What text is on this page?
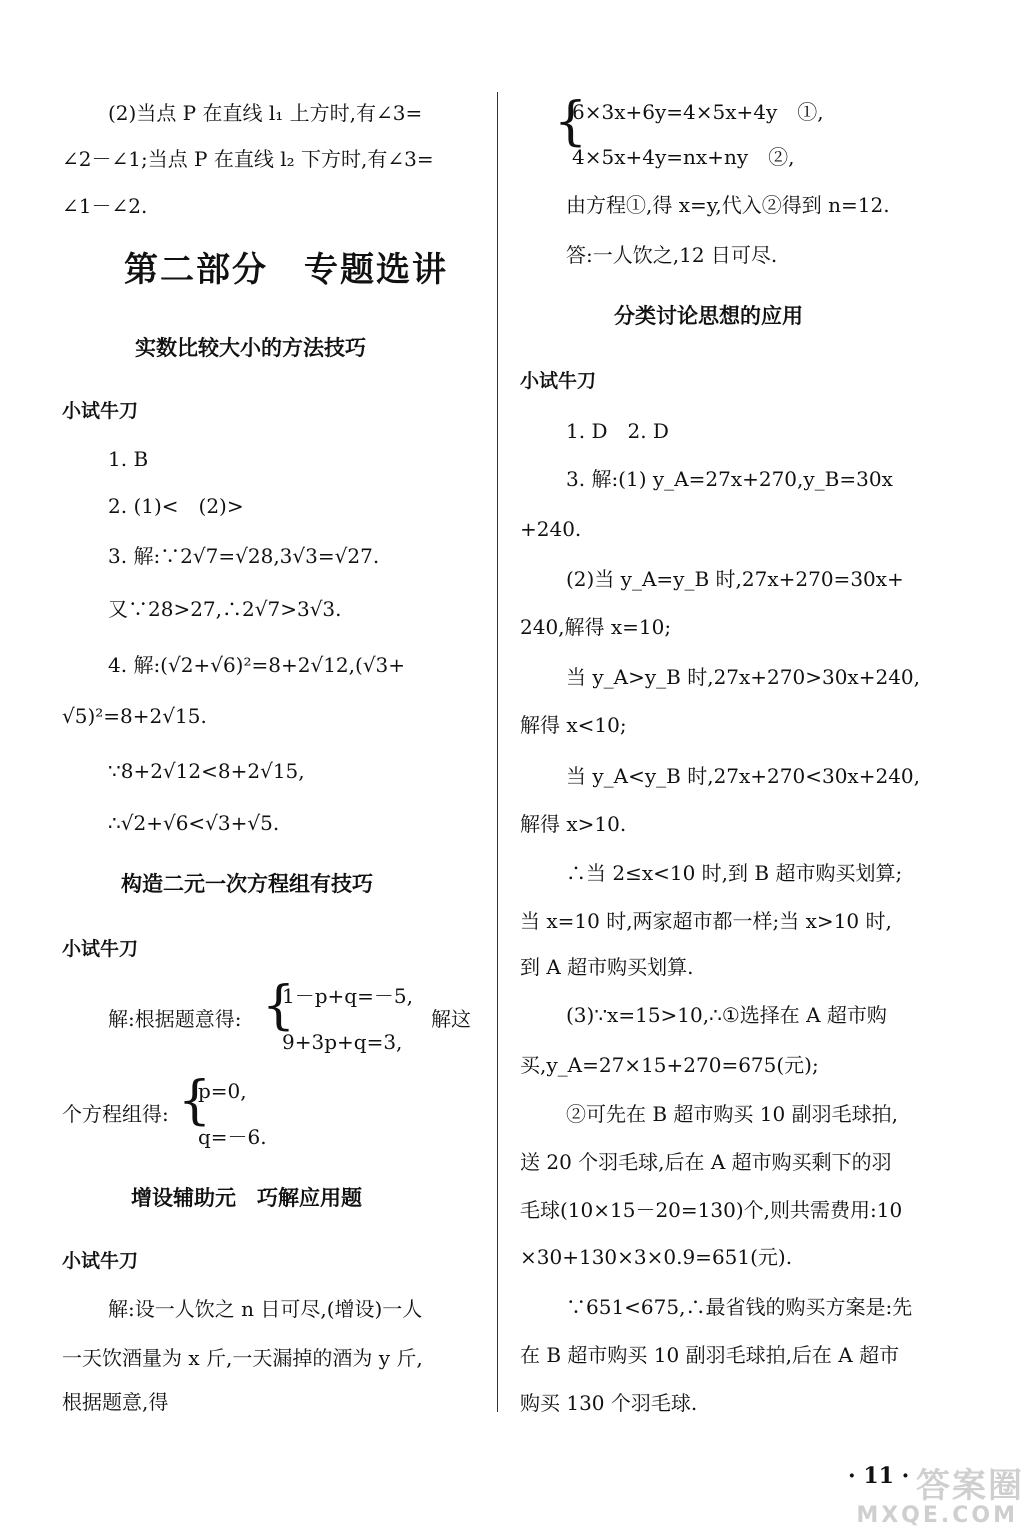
(2)当点 P 在直线 l₁ 上方时,有∠3=
∠2－∠1;当点 P 在直线 l₂ 下方时,有∠3=
∠1－∠2.
第二部分　专题选讲
实数比较大小的方法技巧
小试牛刀
1. B
2. (1)<　(2)>
3. 解:∵2√7=√28,3√3=√27.
又∵28>27,∴2√7>3√3.
4. 解:(√2+√6)²=8+2√12,(√3+
√5)²=8+2√15.
∵8+2√12<8+2√15,
∴√2+√6<√3+√5.
构造二元一次方程组有技巧
小试牛刀
解:根据题意得: {
1－p+q=－5,
9+3p+q=3,
解这
个方程组得: {
p=0,
q=－6.
增设辅助元　巧解应用题
小试牛刀
解:设一人饮之 n 日可尽,(增设)一人
一天饮酒量为 x 斤,一天漏掉的酒为 y 斤,
根据题意,得
{
6×3x+6y=4×5x+4y　①,
4×5x+4y=nx+ny　②,
由方程①,得 x=y,代入②得到 n=12.
答:一人饮之,12 日可尽.
分类讨论思想的应用
小试牛刀
1. D　2. D
3. 解:(1) y_A=27x+270,y_B=30x
+240.
(2)当 y_A=y_B 时,27x+270=30x+
240,解得 x=10;
当 y_A>y_B 时,27x+270>30x+240,
解得 x<10;
当 y_A<y_B 时,27x+270<30x+240,
解得 x>10.
∴当 2≤x<10 时,到 B 超市购买划算;
当 x=10 时,两家超市都一样;当 x>10 时,
到 A 超市购买划算.
(3)∵x=15>10,∴①选择在 A 超市购
买,y_A=27×15+270=675(元);
②可先在 B 超市购买 10 副羽毛球拍,
送 20 个羽毛球,后在 A 超市购买剩下的羽
毛球(10×15－20=130)个,则共需费用:10
×30+130×3×0.9=651(元).
∵651<675,∴最省钱的购买方案是:先
在 B 超市购买 10 副羽毛球拍,后在 A 超市
购买 130 个羽毛球.
· 11 · 答案圈
MXQE.COM
